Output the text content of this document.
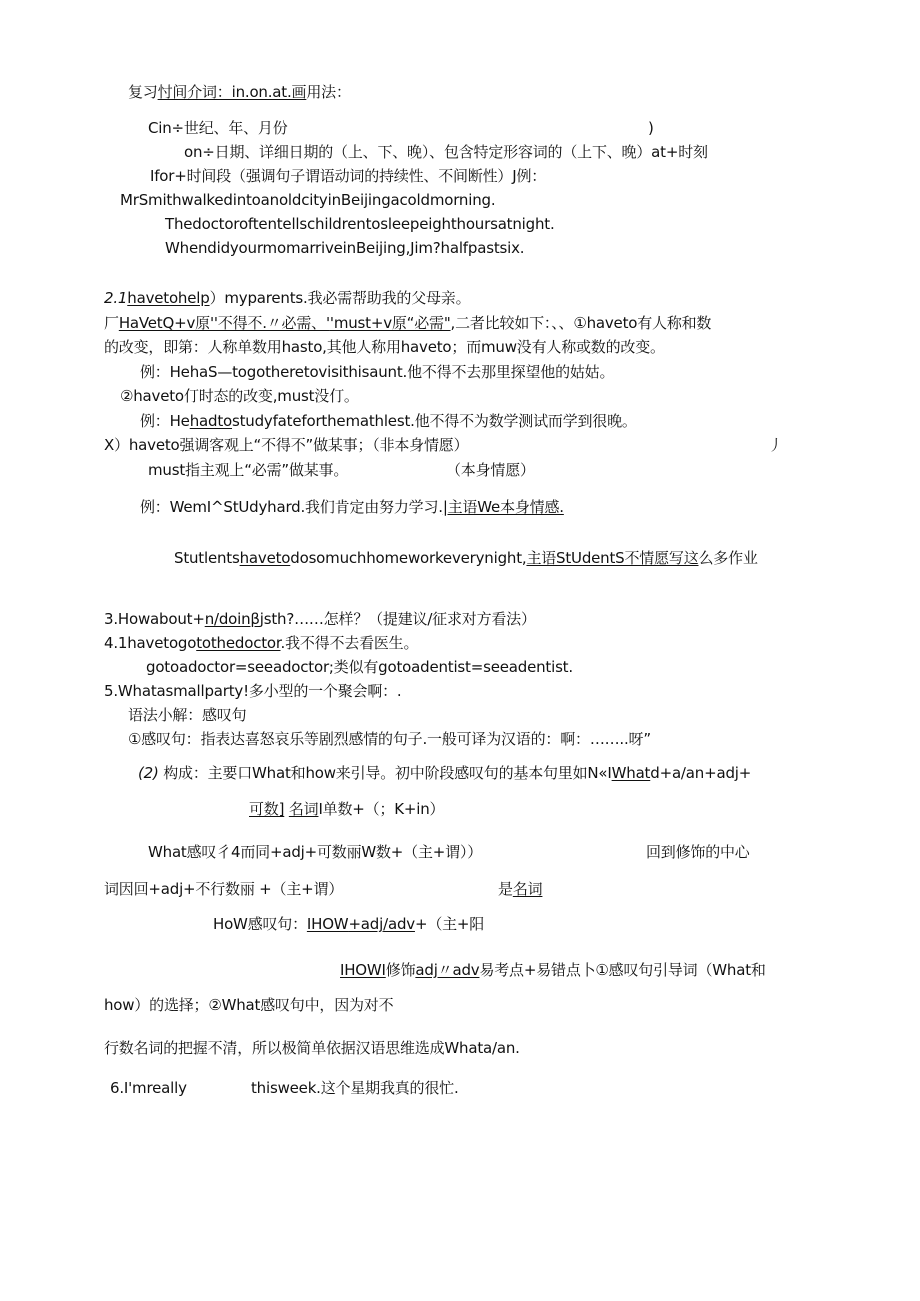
复习忖间介词：in.on.at.画用法：
Cin÷世纪、年、月份	)
on÷日期、详细日期的（上、下、晚）、包含特定形容词的（上下、晚）at+时刻
Ifor+时间段（强调句子谓语动词的持续性、不间断性）J例：
MrSmithwalkedintoanoldcityinBeijingacoldmorning.
Thedoctoroftentellschildrentosleepeighthoursatnight.
WhendidyourmomarriveinBeijing,Jim?halfpastsix.
2.1havetohelp）myparents.我必需帮助我的父母亲。
厂HaVetQ+v原''不得不.〃必需、''must+v原“必需",二者比较如下：、、①haveto有人称和数
的改变，即第：人称单数用hasto,其他人称用haveto；而muw没有人称或数的改变。
例：HehaS—togotheretovisithisaunt.他不得不去那里探望他的姑姑。
②haveto仃时态的改变,must没仃。
例：Hehadtostudyfateforthemathlest.他不得不为数学测试而学到很晚。
X）haveto强调客观上“不得不”做某事；（非本身情愿）	丿
must指主观上“必需”做某事。	（本身情愿）
例：WemI^StUdyhard.我们肯定由努力学习.|主语We本身情感.
Stutlentshavetodosomuchhomeworkeverynight,主语StUdentS不情愿写这么多作业
3.Howabout+n/doinβjsth?……怎样？（提建议/征求对方看法）
4.1havetogotothedoctor.我不得不去看医生。
gotoadoctor=seeadoctor;类似有gotoadentist=seeadentist.
5.Whatasmallparty!多小型的一个聚会啊：.
语法小解：感叹句
①感叹句：指表达喜怒哀乐等剧烈感情的句子.一般可译为汉语的：啊：……..呀”
(2) 构成：主要口What和how来引导。初中阶段感叹句的基本句里如N«IWhatd+a∕an+adj+
可数] 名词I单数+（；K+in）
What感叹彳4而同+adj+可数丽W数+（主+谓））	回到修饰的中心
词因回+adj+不行数丽 +（主+谓）	是名词
HoW感叹句：IHOW+adj∕adv+（主+阳
IHOWI修饰adj〃adv易考点+易错点卜①感叹句引导词（What和
how）的选择；②What感叹句中，因为对不
行数名词的把握不清，所以极简单依据汉语思维选成Whata/an.
6.I'mreally	thisweek.这个星期我真的很忙.
